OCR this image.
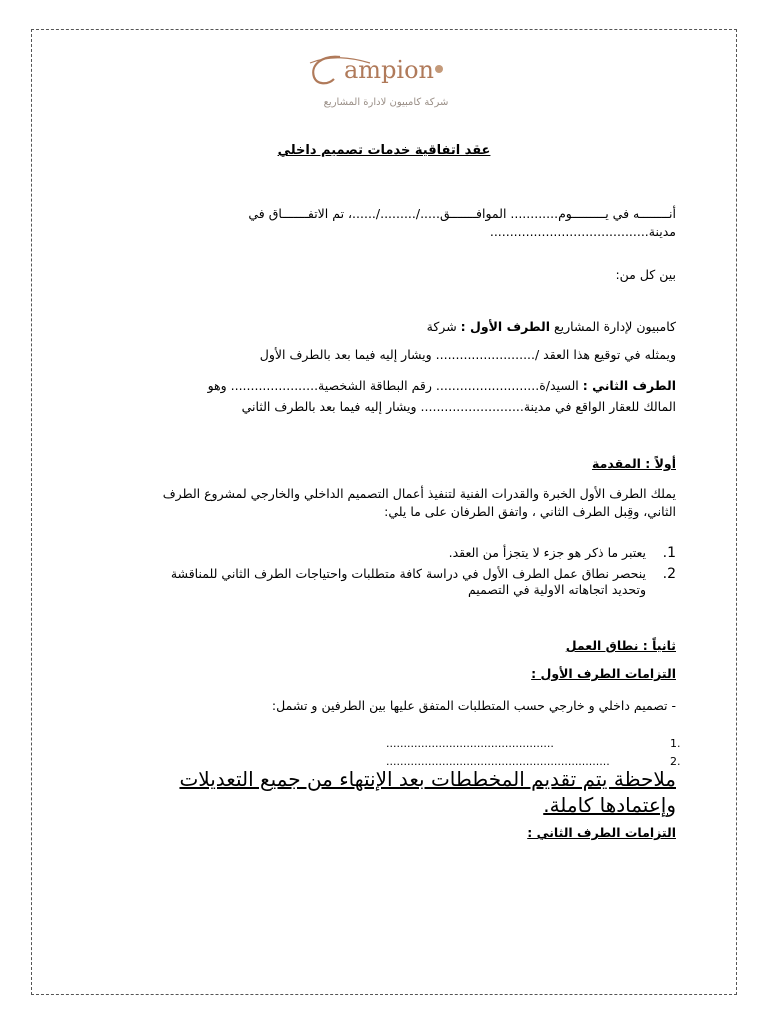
ampion
شركة كامبيون لادارة المشاريع
عقد اتفاقية خدمات تصميم داخلي
أنــــــــه في يـــــــــوم............ الموافـــــــق...../........./......، تم الاتفـــــــاق في
مدينة........................................
بين كل من:
كامبيون لإدارة المشاريع الطرف الأول : شركة
ويمثله في توقيع هذا العقد /......................... ويشار إليه فيما بعد بالطرف الأول
الطرف الثاني : السيد/ة.......................... رقم البطاقة الشخصية...................... وهو
المالك للعقار الواقع في مدينة.......................... ويشار إليه فيما بعد بالطرف الثاني
أولاً : المقدمة
يملك الطرف الأول الخبرة والقدرات الفنية لتنفيذ أعمال التصميم الداخلي والخارجي لمشروع الطرف
الثاني، وقِبل الطرف الثاني ، واتفق الطرفان على ما يلي:
1.
يعتبر ما ذكر هو جزء لا يتجزأ من العقد.
2.
ينحصر نطاق عمل الطرف الأول في دراسة كافة متطلبات واحتياجات الطرف الثاني للمناقشة
وتحديد اتجاهاته الاولية في التصميم
ثانياً : نطاق العمل
التزامات الطرف الأول :
- تصميم داخلي و خارجي حسب المتطلبات المتفق عليها بين الطرفين و تشمل:
1.
................................................
2.
................................................................
ملاحظة يتم تقديم المخططات بعد الإنتهاء من جميع التعديلات وإعتمادها كاملة.
التزامات الطرف الثاني :
